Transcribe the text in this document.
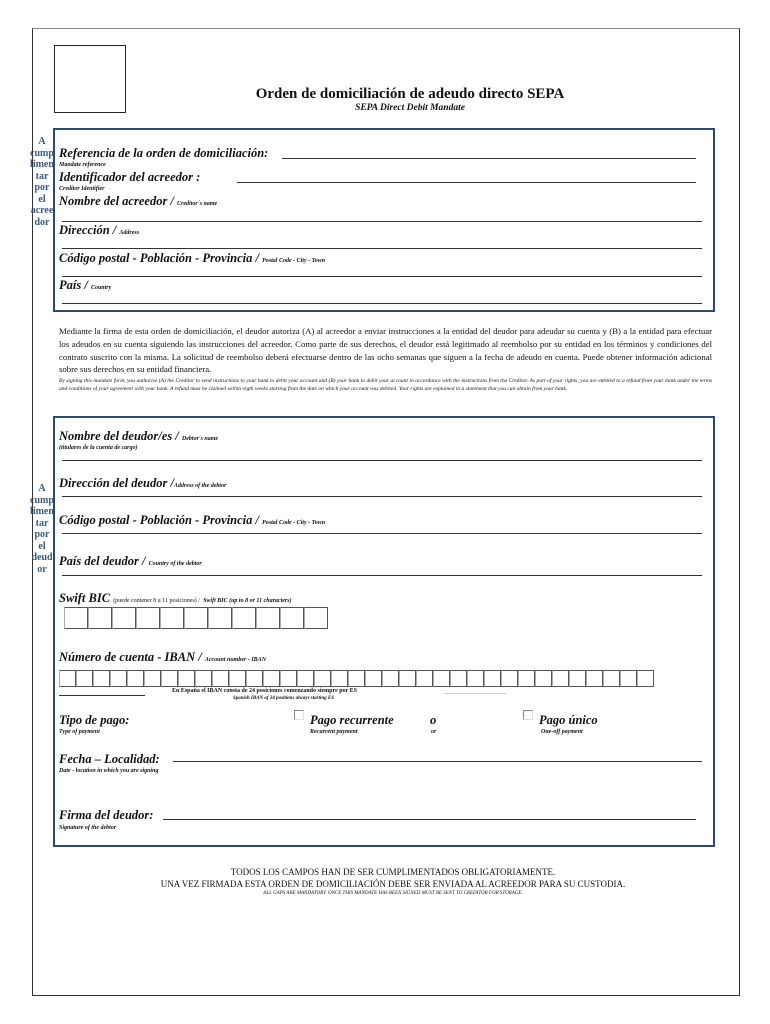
Orden de domiciliación de adeudo directo SEPA
SEPA Direct Debit Mandate
A
cump
limen
tar
por
el
acree
dor
Referencia de la orden de domiciliación:
Mandate reference
Identificador del acreedor :
Creditor Identifier
Nombre del acreedor / Creditor´s name
Dirección / Address
Código postal - Población - Provincia / Postal Code - City - Town
País / Country
Mediante la firma de esta orden de domiciliación, el deudor autoriza (A) al acreedor a enviar instrucciones a la entidad del deudor para adeudar su cuenta y (B) a la entidad para efectuar los adeudos en su cuenta siguiendo las instrucciones del acreedor. Como parte de sus derechos, el deudor está legitimado al reembolso por su entidad en los términos y condiciones del contrato suscrito con la misma. La solicitud de reembolso deberá efectuarse dentro de las ocho semanas que siguen a la fecha de adeudo en cuenta. Puede obtener información adicional sobre sus derechos en su entidad financiera.
By signing this mandate form, you authorise (A) the Creditor to send instructions to your bank to debit your account and (B) your bank to debit your account in accordance with the instructions from the Creditor. As part of your rights, you are entitled to a refund from your bank under the terms and conditions of your agreement with your bank. A refund must be claimed within eigth weeks starting from the date on which your account was debited. Your rights are explained in a statement that you can obtain from your bank.
A
cump
limen
tar
por
el
deud
or
Nombre del deudor/es / Debtor's name
(titulares de la cuenta de cargo)
Dirección del deudor /Address of the debtor
Código postal - Población - Provincia / Postal Code - City - Town
País del deudor / Country of the debtor
Swift BIC (puede contener 8 u 11 posiciones) / Swift BIC (up to 8 or 11 characters)
Número de cuenta - IBAN / Account number - IBAN
En España el IBAN consta de 24 posiciones comenzando siempre por ES
Spanish IBAN of 24 positions always starting ES
Tipo de pago:
Type of payment
Pago recurrente
Recurrent payment
o
or
Pago único
One-off payment
Fecha – Localidad:
Date - location in which you are signing
Firma del deudor:
Signature of the debtor
TODOS LOS CAMPOS HAN DE SER CUMPLIMENTADOS OBLIGATORIAMENTE.
UNA VEZ FIRMADA ESTA ORDEN DE DOMICILIACIÓN DEBE SER ENVIADA AL ACREEDOR PARA SU CUSTODIA.
ALL GAPS ARE MANDATORY. ONCE THIS MANDATE HAS BEEN SIGNED MUST BE SENT TO CREDITOR FOR STORAGE.
